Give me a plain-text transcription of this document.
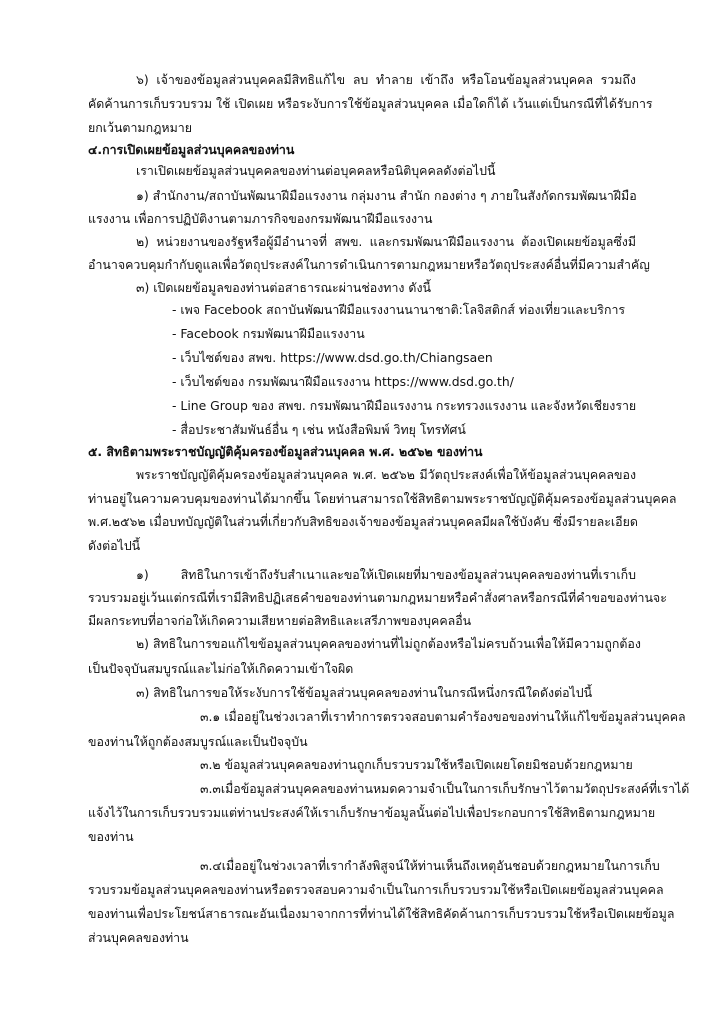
๖) เจ้าของข้อมูลส่วนบุคคลมีสิทธิแก้ไข ลบ ทำลาย เข้าถึง หรือโอนข้อมูลส่วนบุคคล รวมถึง
คัดค้านการเก็บรวบรวม ใช้ เปิดเผย หรือระงับการใช้ข้อมูลส่วนบุคคล เมื่อใดก็ได้ เว้นแต่เป็นกรณีที่ได้รับการ
ยกเว้นตามกฎหมาย
๔.การเปิดเผยข้อมูลส่วนบุคคลของท่าน
เราเปิดเผยข้อมูลส่วนบุคคลของท่านต่อบุคคลหรือนิติบุคคลดังต่อไปนี้
๑) สำนักงาน/สถาบันพัฒนาฝีมือแรงงาน กลุ่มงาน สำนัก กองต่าง ๆ ภายในสังกัดกรมพัฒนาฝีมือ
แรงงาน เพื่อการปฏิบัติงานตามภารกิจของกรมพัฒนาฝีมือแรงงาน
๒) หน่วยงานของรัฐหรือผู้มีอำนาจที่ สพข. และกรมพัฒนาฝีมือแรงงาน ต้องเปิดเผยข้อมูลซึ่งมี
อำนาจควบคุมกำกับดูแลเพื่อวัตถุประสงค์ในการดำเนินการตามกฎหมายหรือวัตถุประสงค์อื่นที่มีความสำคัญ
๓) เปิดเผยข้อมูลของท่านต่อสาธารณะผ่านช่องทาง ดังนี้
- เพจ Facebook สถาบันพัฒนาฝีมือแรงงานนานาชาติ:โลจิสติกส์ ท่องเที่ยวและบริการ
- Facebook กรมพัฒนาฝีมือแรงงาน
- เว็บไซต์ของ สพข. https://www.dsd.go.th/Chiangsaen
- เว็บไซต์ของ กรมพัฒนาฝีมือแรงงาน https://www.dsd.go.th/
- Line Group ของ สพข. กรมพัฒนาฝีมือแรงงาน กระทรวงแรงงาน และจังหวัดเชียงราย
- สื่อประชาสัมพันธ์อื่น ๆ เช่น หนังสือพิมพ์ วิทยุ โทรทัศน์
๕. สิทธิตามพระราชบัญญัติคุ้มครองข้อมูลส่วนบุคคล พ.ศ. ๒๕๖๒ ของท่าน
พระราชบัญญัติคุ้มครองข้อมูลส่วนบุคคล พ.ศ. ๒๕๖๒ มีวัตถุประสงค์เพื่อให้ข้อมูลส่วนบุคคลของ
ท่านอยู่ในความควบคุมของท่านได้มากขึ้น โดยท่านสามารถใช้สิทธิตามพระราชบัญญัติคุ้มครองข้อมูลส่วนบุคคล
พ.ศ.๒๕๖๒ เมื่อบทบัญญัติในส่วนที่เกี่ยวกับสิทธิของเจ้าของข้อมูลส่วนบุคคลมีผลใช้บังคับ ซึ่งมีรายละเอียด
ดังต่อไปนี้
๑) สิทธิในการเข้าถึงรับสำเนาและขอให้เปิดเผยที่มาของข้อมูลส่วนบุคคลของท่านที่เราเก็บ
รวบรวมอยู่เว้นแต่กรณีที่เรามีสิทธิปฏิเสธคำขอของท่านตามกฎหมายหรือคำสั่งศาลหรือกรณีที่คำขอของท่านจะ
มีผลกระทบที่อาจก่อให้เกิดความเสียหายต่อสิทธิและเสรีภาพของบุคคลอื่น
๒) สิทธิในการขอแก้ไขข้อมูลส่วนบุคคลของท่านที่ไม่ถูกต้องหรือไม่ครบถ้วนเพื่อให้มีความถูกต้อง
เป็นปัจจุบันสมบูรณ์และไม่ก่อให้เกิดความเข้าใจผิด
๓) สิทธิในการขอให้ระงับการใช้ข้อมูลส่วนบุคคลของท่านในกรณีหนึ่งกรณีใดดังต่อไปนี้
๓.๑ เมื่ออยู่ในช่วงเวลาที่เราทำการตรวจสอบตามคำร้องขอของท่านให้แก้ไขข้อมูลส่วนบุคคล
ของท่านให้ถูกต้องสมบูรณ์และเป็นปัจจุบัน
๓.๒ ข้อมูลส่วนบุคคลของท่านถูกเก็บรวบรวมใช้หรือเปิดเผยโดยมิชอบด้วยกฎหมาย
๓.๓เมื่อข้อมูลส่วนบุคคลของท่านหมดความจำเป็นในการเก็บรักษาไว้ตามวัตถุประสงค์ที่เราได้
แจ้งไว้ในการเก็บรวบรวมแต่ท่านประสงค์ให้เราเก็บรักษาข้อมูลนั้นต่อไปเพื่อประกอบการใช้สิทธิตามกฎหมาย
ของท่าน
๓.๔เมื่ออยู่ในช่วงเวลาที่เรากำลังพิสูจน์ให้ท่านเห็นถึงเหตุอันชอบด้วยกฎหมายในการเก็บ
รวบรวมข้อมูลส่วนบุคคลของท่านหรือตรวจสอบความจำเป็นในการเก็บรวบรวมใช้หรือเปิดเผยข้อมูลส่วนบุคคล
ของท่านเพื่อประโยชน์สาธารณะอันเนื่องมาจากการที่ท่านได้ใช้สิทธิคัดค้านการเก็บรวบรวมใช้หรือเปิดเผยข้อมูล
ส่วนบุคคลของท่าน
